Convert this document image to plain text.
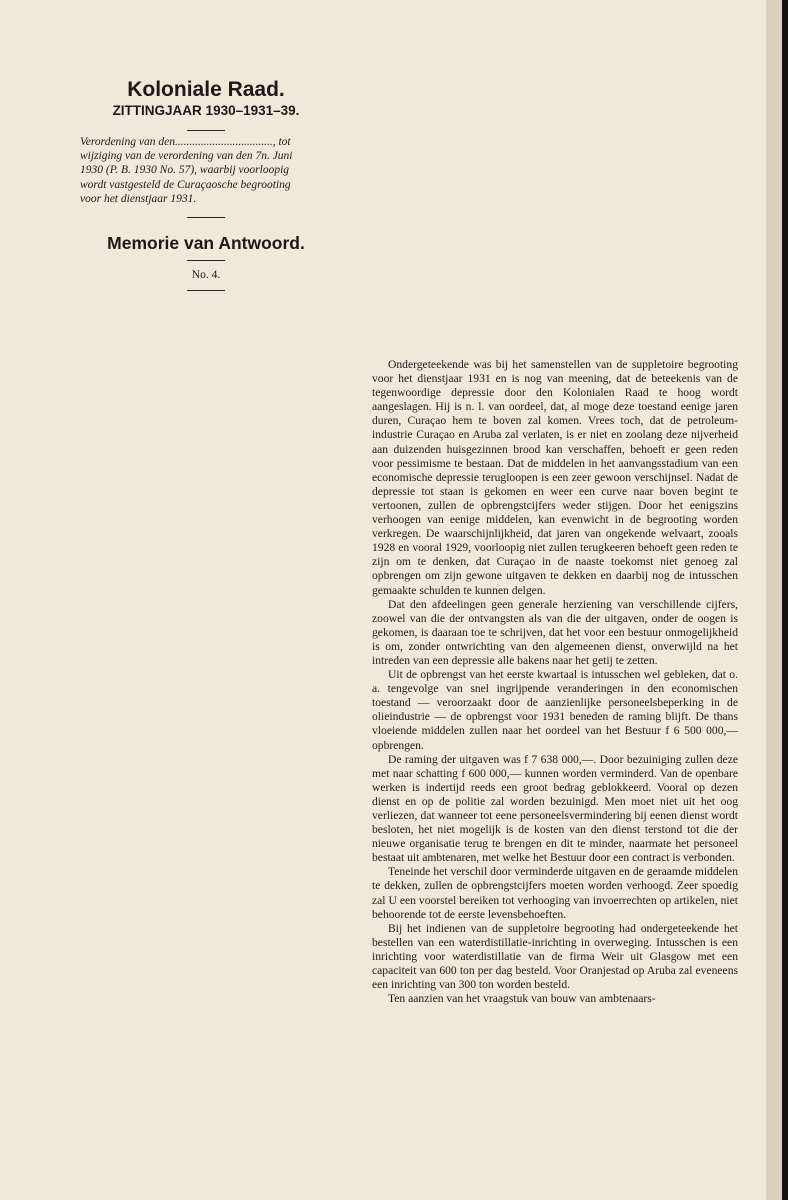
Koloniale Raad.
ZITTINGJAAR 1930–1931–39.
Verordening van den.................................., tot wijziging van de verordening van den 7n. Juni 1930 (P. B. 1930 No. 57), waarbij voorloopig wordt vastgesteld de Curaçaosche begrooting voor het dienstjaar 1931.
Memorie van Antwoord.
No. 4.

Ondergeteekende was bij het samenstellen van de suppletoire begrooting voor het dienstjaar 1931 en is nog van meening, dat de beteekenis van de tegenwoordige depressie door den Kolonialen Raad te hoog wordt aangeslagen. Hij is n. l. van oordeel, dat, al moge deze toestand eenige jaren duren, Curaçao hem te boven zal komen. Vrees toch, dat de petroleum-industrie Curaçao en Aruba zal verlaten, is er niet en zoolang deze nijverheid aan duizenden huisgezinnen brood kan verschaffen, behoeft er geen reden voor pessimisme te bestaan. Dat de middelen in het aanvangsstadium van een economische depressie terugloopen is een zeer gewoon verschijnsel. Nadat de depressie tot staan is gekomen en weer een curve naar boven begint te vertoonen, zullen de opbrengstcijfers weder stijgen. Door het eenigszins verhoogen van eenige middelen, kan evenwicht in de begrooting worden verkregen. De waarschijnlijkheid, dat jaren van ongekende welvaart, zooals 1928 en vooral 1929, voorloopig niet zullen terugkeeren behoeft geen reden te zijn om te denken, dat Curaçao in de naaste toekomst niet genoeg zal opbrengen om zijn gewone uitgaven te dekken en daarbij nog de intusschen gemaakte schulden te kunnen delgen.

Dat den afdeelingen geen generale herziening van verschillende cijfers, zoowel van die der ontvangsten als van die der uitgaven, onder de oogen is gekomen, is daaraan toe te schrijven, dat het voor een bestuur onmogelijkheid is om, zonder ontwrichting van den algemeenen dienst, onverwijld na het intreden van een depressie alle bakens naar het getij te zetten.

Uit de opbrengst van het eerste kwartaal is intusschen wel gebleken, dat o. a. tengevolge van snel ingrijpende veranderingen in den economischen toestand — veroorzaakt door de aanzienlijke personeelsbeperking in de olieindustrie — de opbrengst voor 1931 beneden de raming blijft. De thans vloeiende middelen zullen naar het oordeel van het Bestuur f 6 500 000,— opbrengen.

De raming der uitgaven was f 7 638 000,—. Door bezuiniging zullen deze met naar schatting f 600 000,— kunnen worden verminderd. Van de openbare werken is indertijd reeds een groot bedrag geblokkeerd. Vooral op dezen dienst en op de politie zal worden bezuinigd. Men moet niet uit het oog verliezen, dat wanneer tot eene personeelsvermindering bij eenen dienst wordt besloten, het niet mogelijk is de kosten van den dienst terstond tot die der nieuwe organisatie terug te brengen en dit te minder, naarmate het personeel bestaat uit ambtenaren, met welke het Bestuur door een contract is verbonden.

Teneinde het verschil door verminderde uitgaven en de geraamde middelen te dekken, zullen de opbrengstcijfers moeten worden verhoogd. Zeer spoedig zal U een voorstel bereiken tot verhooging van invoerrechten op artikelen, niet behoorende tot de eerste levensbehoeften.

Bij het indienen van de suppletoire begrooting had ondergeteekende het bestellen van een waterdistillatie-inrichting in overweging. Intusschen is een inrichting voor waterdistillatie van de firma Weir uit Glasgow met een capaciteit van 600 ton per dag besteld. Voor Oranjestad op Aruba zal eveneens een inrichting van 300 ton worden besteld.

Ten aanzien van het vraagstuk van bouw van ambtenaars-
